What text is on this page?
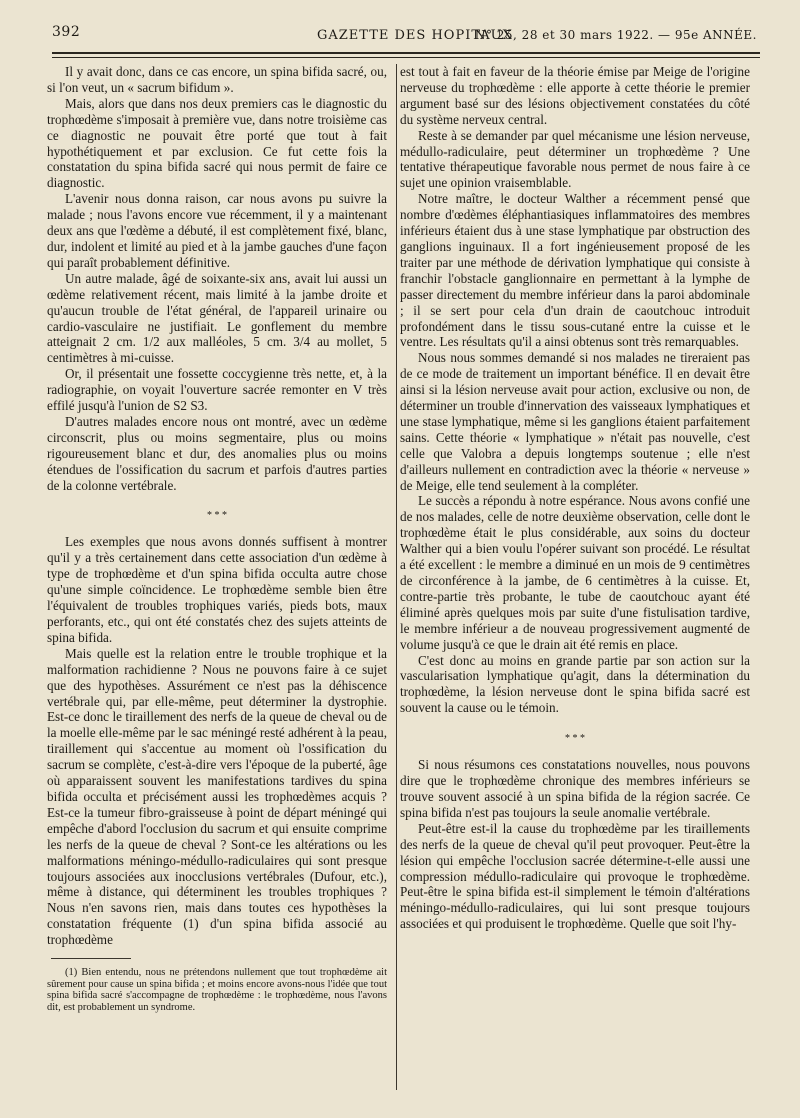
392	GAZETTE DES HOPITAUX
N° 25, 28 et 30 mars 1922. — 95e ANNÉE.

Il y avait donc, dans ce cas encore, un spina bifida sacré, ou, si l'on veut, un « sacrum bifidum ».

Mais, alors que dans nos deux premiers cas le diagnostic du trophœdème s'imposait à première vue, dans notre troisième cas ce diagnostic ne pouvait être porté que tout à fait hypothétiquement et par exclusion. Ce fut cette fois la constatation du spina bifida sacré qui nous permit de faire ce diagnostic.

L'avenir nous donna raison, car nous avons pu suivre la malade ; nous l'avons encore vue récemment, il y a maintenant deux ans que l'œdème a débuté, il est complètement fixé, blanc, dur, indolent et limité au pied et à la jambe gauches d'une façon qui paraît probablement définitive.

Un autre malade, âgé de soixante-six ans, avait lui aussi un œdème relativement récent, mais limité à la jambe droite et qu'aucun trouble de l'état général, de l'appareil urinaire ou cardio-vasculaire ne justifiait. Le gonflement du membre atteignait 2 cm. 1/2 aux malléoles, 5 cm. 3/4 au mollet, 5 centimètres à mi-cuisse.

Or, il présentait une fossette coccygienne très nette, et, à la radiographie, on voyait l'ouverture sacrée remonter en V très effilé jusqu'à l'union de S2 S3.

D'autres malades encore nous ont montré, avec un œdème circonscrit, plus ou moins segmentaire, plus ou moins rigoureusement blanc et dur, des anomalies plus ou moins étendues de l'ossification du sacrum et parfois d'autres parties de la colonne vertébrale.

* * *

Les exemples que nous avons donnés suffisent à montrer qu'il y a très certainement dans cette association d'un œdème à type de trophœdème et d'un spina bifida occulta autre chose qu'une simple coïncidence. Le trophœdème semble bien être l'équivalent de troubles trophiques variés, pieds bots, maux perforants, etc., qui ont été constatés chez des sujets atteints de spina bifida.

Mais quelle est la relation entre le trouble trophique et la malformation rachidienne ? Nous ne pouvons faire à ce sujet que des hypothèses. Assurément ce n'est pas la déhiscence vertébrale qui, par elle-même, peut déterminer la dystrophie. Est-ce donc le tiraillement des nerfs de la queue de cheval ou de la moelle elle-même par le sac méningé resté adhérent à la peau, tiraillement qui s'accentue au moment où l'ossification du sacrum se complète, c'est-à-dire vers l'époque de la puberté, âge où apparaissent souvent les manifestations tardives du spina bifida occulta et précisément aussi les trophœdèmes acquis ? Est-ce la tumeur fibro-graisseuse à point de départ méningé qui empêche d'abord l'occlusion du sacrum et qui ensuite comprime les nerfs de la queue de cheval ? Sont-ce les altérations ou les malformations méningo-médullo-radiculaires qui sont presque toujours associées aux inocclusions vertébrales (Dufour, etc.), même à distance, qui déterminent les troubles trophiques ? Nous n'en savons rien, mais dans toutes ces hypothèses la constatation fréquente (1) d'un spina bifida associé au trophœdème

(1) Bien entendu, nous ne prétendons nullement que tout trophœdème ait sûrement pour cause un spina bifida ; et moins encore avons-nous l'idée que tout spina bifida sacré s'accompagne de trophœdème : le trophœdème, nous l'avons dit, est probablement un syndrome.

est tout à fait en faveur de la théorie émise par Meige de l'origine nerveuse du trophœdème : elle apporte à cette théorie le premier argument basé sur des lésions objectivement constatées du côté du système nerveux central.

Reste à se demander par quel mécanisme une lésion nerveuse, médullo-radiculaire, peut déterminer un trophœdème ? Une tentative thérapeutique favorable nous permet de nous faire à ce sujet une opinion vraisemblable.

Notre maître, le docteur Walther a récemment pensé que nombre d'œdèmes éléphantiasiques inflammatoires des membres inférieurs étaient dus à une stase lymphatique par obstruction des ganglions inguinaux. Il a fort ingénieusement proposé de les traiter par une méthode de dérivation lymphatique qui consiste à franchir l'obstacle ganglionnaire en permettant à la lymphe de passer directement du membre inférieur dans la paroi abdominale ; il se sert pour cela d'un drain de caoutchouc introduit profondément dans le tissu sous-cutané entre la cuisse et le ventre. Les résultats qu'il a ainsi obtenus sont très remarquables.

Nous nous sommes demandé si nos malades ne tireraient pas de ce mode de traitement un important bénéfice. Il en devait être ainsi si la lésion nerveuse avait pour action, exclusive ou non, de déterminer un trouble d'innervation des vaisseaux lymphatiques et une stase lymphatique, même si les ganglions étaient parfaitement sains. Cette théorie « lymphatique » n'était pas nouvelle, c'est celle que Valobra a depuis longtemps soutenue ; elle n'est d'ailleurs nullement en contradiction avec la théorie « nerveuse » de Meige, elle tend seulement à la compléter.

Le succès a répondu à notre espérance. Nous avons confié une de nos malades, celle de notre deuxième observation, celle dont le trophœdème était le plus considérable, aux soins du docteur Walther qui a bien voulu l'opérer suivant son procédé. Le résultat a été excellent : le membre a diminué en un mois de 9 centimètres de circonférence à la jambe, de 6 centimètres à la cuisse. Et, contre-partie très probante, le tube de caoutchouc ayant été éliminé après quelques mois par suite d'une fistulisation tardive, le membre inférieur a de nouveau progressivement augmenté de volume jusqu'à ce que le drain ait été remis en place.

C'est donc au moins en grande partie par son action sur la vascularisation lymphatique qu'agit, dans la détermination du trophœdème, la lésion nerveuse dont le spina bifida sacré est souvent la cause ou le témoin.

* * *

Si nous résumons ces constatations nouvelles, nous pouvons dire que le trophœdème chronique des membres inférieurs se trouve souvent associé à un spina bifida de la région sacrée. Ce spina bifida n'est pas toujours la seule anomalie vertébrale.

Peut-être est-il la cause du trophœdème par les tiraillements des nerfs de la queue de cheval qu'il peut provoquer. Peut-être la lésion qui empêche l'occlusion sacrée détermine-t-elle aussi une compression médullo-radiculaire qui provoque le trophœdème. Peut-être le spina bifida est-il simplement le témoin d'altérations méningo-médullo-radiculaires, qui lui sont presque toujours associées et qui produisent le trophœdème. Quelle que soit l'hy-
